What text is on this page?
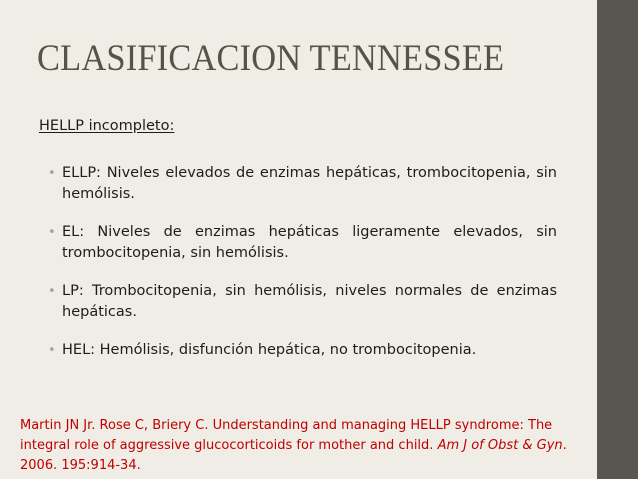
CLASIFICACION TENNESSEE
HELLP incompleto:
• ELLP: Niveles elevados de enzimas hepáticas, trombocitopenia, sin hemólisis.
• EL: Niveles de enzimas hepáticas ligeramente elevados, sin trombocitopenia, sin hemólisis.
• LP: Trombocitopenia, sin hemólisis, niveles normales de enzimas hepáticas.
• HEL: Hemólisis, disfunción hepática, no trombocitopenia.
Martin JN Jr. Rose C, Briery C. Understanding and managing HELLP syndrome: The integral role of aggressive glucocorticoids for mother and child. Am J of Obst & Gyn. 2006. 195:914-34.
